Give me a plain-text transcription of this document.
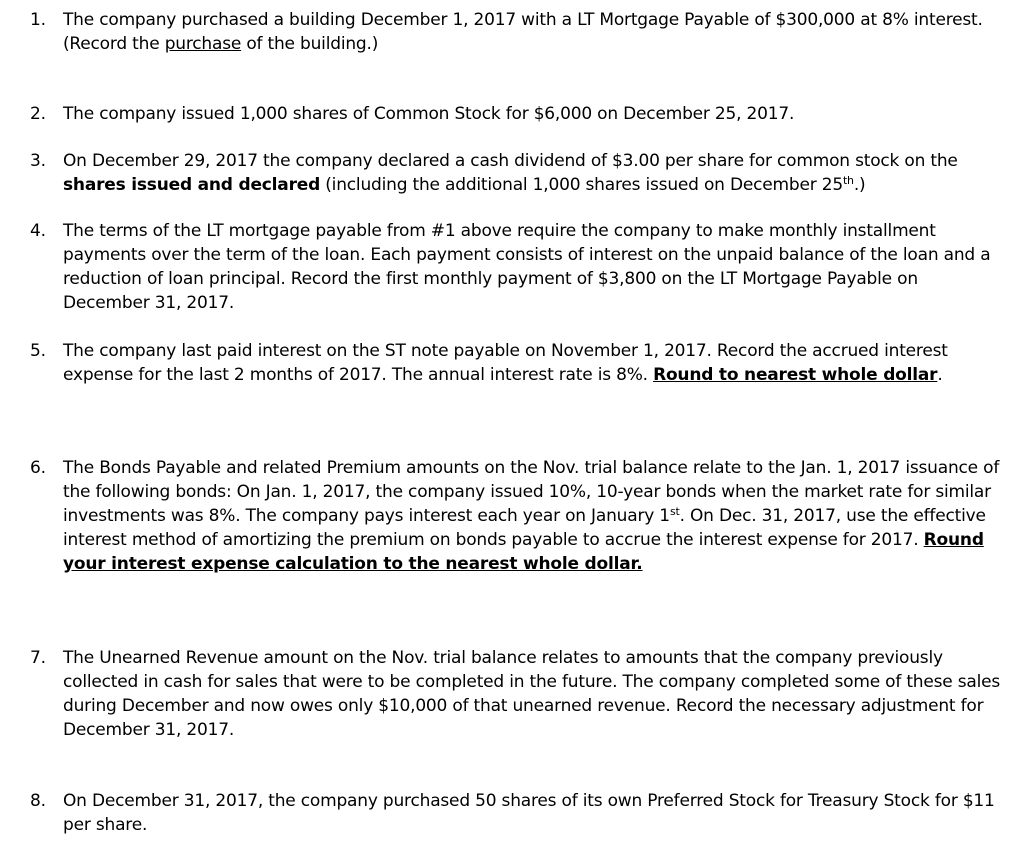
1.	The company purchased a building December 1, 2017 with a LT Mortgage Payable of $300,000 at 8% interest. (Record the purchase of the building.)
2.	The company issued 1,000 shares of Common Stock for $6,000 on December 25, 2017.
3.	On December 29, 2017 the company declared a cash dividend of $3.00 per share for common stock on the shares issued and declared (including the additional 1,000 shares issued on December 25th.)
4.	The terms of the LT mortgage payable from #1 above require the company to make monthly installment payments over the term of the loan. Each payment consists of interest on the unpaid balance of the loan and a reduction of loan principal. Record the first monthly payment of $3,800 on the LT Mortgage Payable on December 31, 2017.
5.	The company last paid interest on the ST note payable on November 1, 2017. Record the accrued interest expense for the last 2 months of 2017. The annual interest rate is 8%. Round to nearest whole dollar.
6.	The Bonds Payable and related Premium amounts on the Nov. trial balance relate to the Jan. 1, 2017 issuance of the following bonds: On Jan. 1, 2017, the company issued 10%, 10-year bonds when the market rate for similar investments was 8%. The company pays interest each year on January 1st. On Dec. 31, 2017, use the effective interest method of amortizing the premium on bonds payable to accrue the interest expense for 2017. Round your interest expense calculation to the nearest whole dollar.
7.	The Unearned Revenue amount on the Nov. trial balance relates to amounts that the company previously collected in cash for sales that were to be completed in the future. The company completed some of these sales during December and now owes only $10,000 of that unearned revenue. Record the necessary adjustment for December 31, 2017.
8.	On December 31, 2017, the company purchased 50 shares of its own Preferred Stock for Treasury Stock for $11 per share.
